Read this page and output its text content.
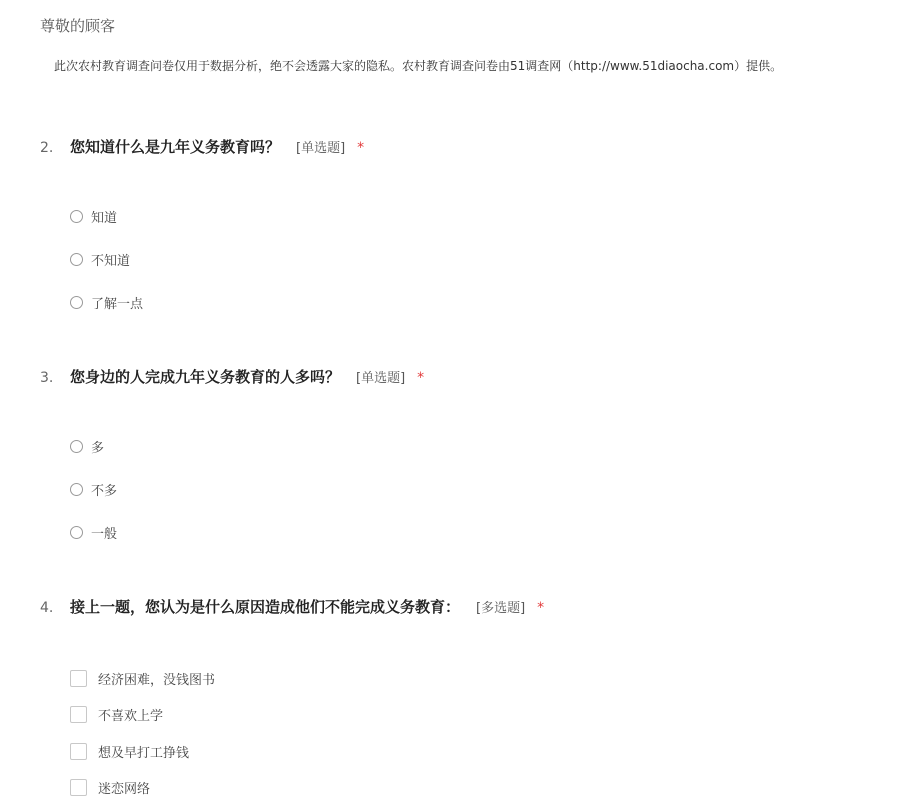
尊敬的顾客
此次农村教育调查问卷仅用于数据分析，绝不会透露大家的隐私。农村教育调查问卷由51调查网（http://www.51diaocha.com）提供。
2.	您知道什么是九年义务教育吗？ [单选题] *
知道
不知道
了解一点
3.	您身边的人完成九年义务教育的人多吗？ [单选题] *
多
不多
一般
4.	接上一题，您认为是什么原因造成他们不能完成义务教育： [多选题] *
经济困难，没钱图书
不喜欢上学
想及早打工挣钱
迷恋网络
